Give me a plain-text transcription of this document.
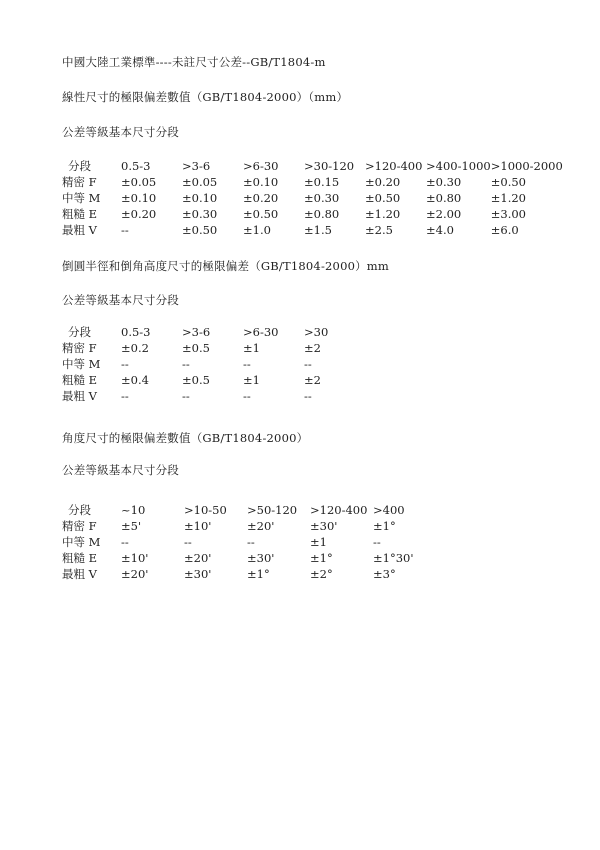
中國大陸工業標準----未註尺寸公差--GB/T1804-m
線性尺寸的極限偏差數值（GB/T1804-2000）（mm）
公差等級基本尺寸分段
分段	0.5-3	>3-6	>6-30	>30-120	>120-400	>400-1000	>1000-2000
精密 F	±0.05	±0.05	±0.10	±0.15	±0.20	±0.30	±0.50
中等 M	±0.10	±0.10	±0.20	±0.30	±0.50	±0.80	±1.20
粗糙 E	±0.20	±0.30	±0.50	±0.80	±1.20	±2.00	±3.00
最粗 V	--	±0.50	±1.0	±1.5	±2.5	±4.0	±6.0
倒圓半徑和倒角高度尺寸的極限偏差（GB/T1804-2000）mm
公差等級基本尺寸分段
分段	0.5-3	>3-6	>6-30	>30
精密 F	±0.2	±0.5	±1	±2
中等 M	--	--	--	--
粗糙 E	±0.4	±0.5	±1	±2
最粗 V	--	--	--	--
角度尺寸的極限偏差數值（GB/T1804-2000）
公差等級基本尺寸分段
分段	~10	>10-50	>50-120	>120-400	>400
精密 F	±5'	±10'	±20'	±30'	±1°
中等 M	--	--	--	±1	--
粗糙 E	±10'	±20'	±30'	±1°	±1°30'
最粗 V	±20'	±30'	±1°	±2°	±3°
